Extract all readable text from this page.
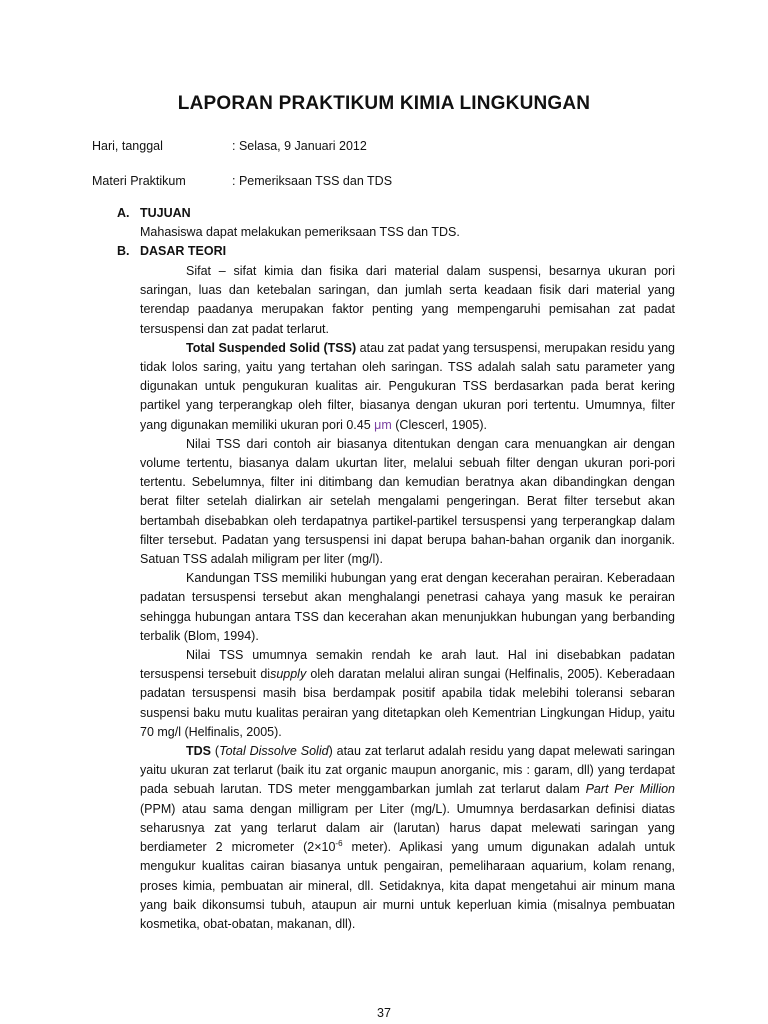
LAPORAN PRAKTIKUM KIMIA LINGKUNGAN
Hari, tanggal	: Selasa, 9 Januari 2012
Materi Praktikum	: Pemeriksaan TSS dan TDS
A. TUJUAN
Mahasiswa dapat melakukan pemeriksaan TSS dan TDS.
B. DASAR TEORI

Sifat – sifat kimia dan fisika dari material dalam suspensi, besarnya ukuran pori saringan, luas dan ketebalan saringan, dan jumlah serta keadaan fisik dari material yang terendap paadanya merupakan faktor penting yang mempengaruhi pemisahan zat padat tersuspensi dan zat padat terlarut.

Total Suspended Solid (TSS) atau zat padat yang tersuspensi, merupakan residu yang tidak lolos saring, yaitu yang tertahan oleh saringan. TSS adalah salah satu parameter yang digunakan untuk pengukuran kualitas air. Pengukuran TSS berdasarkan pada berat kering partikel yang terperangkap oleh filter, biasanya dengan ukuran pori tertentu. Umumnya, filter yang digunakan memiliki ukuran pori 0.45 μm (Clescerl, 1905).

Nilai TSS dari contoh air biasanya ditentukan dengan cara menuangkan air dengan volume tertentu, biasanya dalam ukurtan liter, melalui sebuah filter dengan ukuran pori-pori tertentu. Sebelumnya, filter ini ditimbang dan kemudian beratnya akan dibandingkan dengan berat filter setelah dialirkan air setelah mengalami pengeringan. Berat filter tersebut akan bertambah disebabkan oleh terdapatnya partikel-partikel tersuspensi yang terperangkap dalam filter tersebut. Padatan yang tersuspensi ini dapat berupa bahan-bahan organik dan inorganik. Satuan TSS adalah miligram per liter (mg/l).

Kandungan TSS memiliki hubungan yang erat dengan kecerahan perairan. Keberadaan padatan tersuspensi tersebut akan menghalangi penetrasi cahaya yang masuk ke perairan sehingga hubungan antara TSS dan kecerahan akan menunjukkan hubungan yang berbanding terbalik (Blom, 1994).

Nilai TSS umumnya semakin rendah ke arah laut. Hal ini disebabkan padatan tersuspensi tersebuit disupply oleh daratan melalui aliran sungai (Helfinalis, 2005). Keberadaan padatan tersuspensi masih bisa berdampak positif apabila tidak melebihi toleransi sebaran suspensi baku mutu kualitas perairan yang ditetapkan oleh Kementrian Lingkungan Hidup, yaitu 70 mg/l (Helfinalis, 2005).

TDS (Total Dissolve Solid) atau zat terlarut adalah residu yang dapat melewati saringan yaitu ukuran zat terlarut (baik itu zat organic maupun anorganic, mis : garam, dll) yang terdapat pada sebuah larutan. TDS meter menggambarkan jumlah zat terlarut dalam Part Per Million (PPM) atau sama dengan milligram per Liter (mg/L). Umumnya berdasarkan definisi diatas seharusnya zat yang terlarut dalam air (larutan) harus dapat melewati saringan yang berdiameter 2 micrometer ($2\times 10^{-6}$ meter). Aplikasi yang umum digunakan adalah untuk mengukur kualitas cairan biasanya untuk pengairan, pemeliharaan aquarium, kolam renang, proses kimia, pembuatan air mineral, dll. Setidaknya, kita dapat mengetahui air minum mana yang baik dikonsumsi tubuh, ataupun air murni untuk keperluan kimia (misalnya pembuatan kosmetika, obat-obatan, makanan, dll).

37
